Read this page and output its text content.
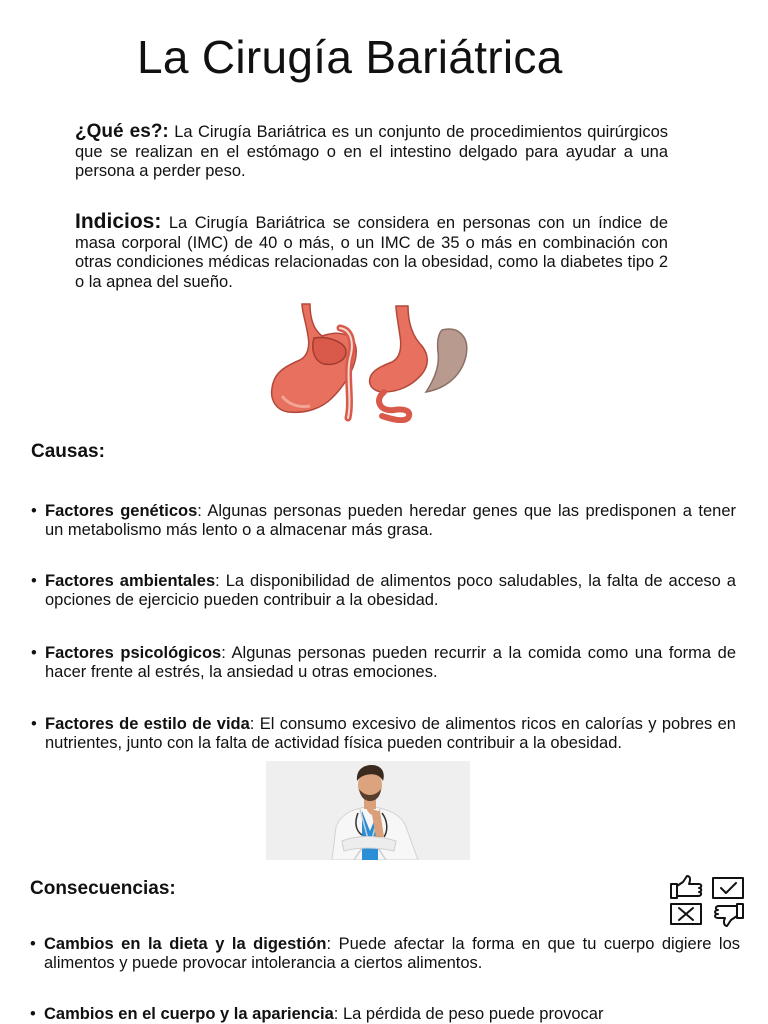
La Cirugía Bariátrica

¿Qué es?: La Cirugía Bariátrica es un conjunto de procedimientos quirúrgicos que se realizan en el estómago o en el intestino delgado para ayudar a una persona a perder peso.

Indicios: La Cirugía Bariátrica se considera en personas con un índice de masa corporal (IMC) de 40 o más, o un IMC de 35 o más en combinación con otras condiciones médicas relacionadas con la obesidad, como la diabetes tipo 2 o la apnea del sueño.

Causas:
• Factores genéticos: Algunas personas pueden heredar genes que las predisponen a tener un metabolismo más lento o a almacenar más grasa.
• Factores ambientales: La disponibilidad de alimentos poco saludables, la falta de acceso a opciones de ejercicio pueden contribuir a la obesidad.
• Factores psicológicos: Algunas personas pueden recurrir a la comida como una forma de hacer frente al estrés, la ansiedad u otras emociones.
• Factores de estilo de vida: El consumo excesivo de alimentos ricos en calorías y pobres en nutrientes, junto con la falta de actividad física pueden contribuir a la obesidad.
Consecuencias:
• Cambios en la dieta y la digestión: Puede afectar la forma en que tu cuerpo digiere los alimentos y puede provocar intolerancia a ciertos alimentos.
• Cambios en el cuerpo y la apariencia: La pérdida de peso puede provocar
